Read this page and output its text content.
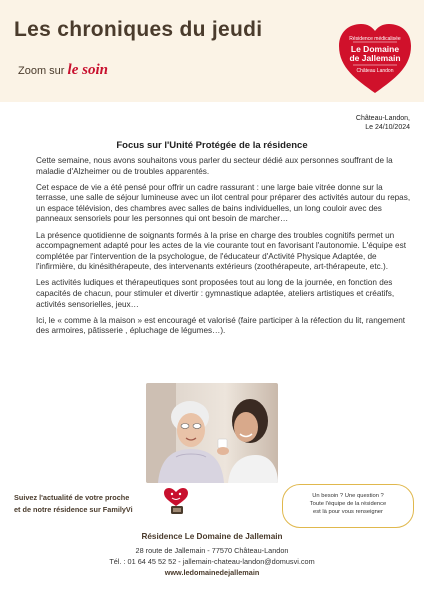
Les chroniques du jeudi
Zoom sur le soin
Résidence médicalisée
Le Domaine
de Jallemain
Château Landon
Château-Landon,
Le 24/10/2024
Focus sur l'Unité Protégée de la résidence

Cette semaine, nous avons souhaitons vous parler du secteur dédié aux personnes souffrant de la maladie d'Alzheimer ou de troubles apparentés.

Cet espace de vie a été pensé pour offrir un cadre rassurant : une large baie vitrée donne sur la terrasse, une salle de séjour lumineuse avec un ilot central pour préparer des activités autour du repas, un espace télévision, des chambres avec salles de bains individuelles, un long couloir avec des panneaux sensoriels pour les personnes qui ont besoin de marcher…

La présence quotidienne de soignants formés à la prise en charge des troubles cognitifs permet un accompagnement adapté pour les actes de la vie courante tout en favorisant l'autonomie. L'équipe est complétée par l'intervention de la psychologue, de l'éducateur d'Activité Physique Adaptée, de l'infirmière, du kinésithérapeute, des intervenants extérieurs (zoothérapeute, art-thérapeute, etc.).

Les activités ludiques et thérapeutiques sont proposées tout au long de la journée, en fonction des capacités de chacun, pour stimuler et divertir : gymnastique adaptée, ateliers artistiques et créatifs, activités sensorielles, jeux…

Ici, le « comme à la maison » est encouragé et valorisé (faire participer à la réfection du lit, rangement des armoires, pâtisserie , épluchage de légumes…).

Suivez l'actualité de votre proche
et de notre résidence sur FamilyVi
Un besoin ? Une question ?
Toute l'équipe de la résidence
est là pour vous renseigner
Résidence Le Domaine de Jallemain
28 route de Jallemain - 77570 Château-Landon
Tél. : 01 64 45 52 52 - jallemain-chateau-landon@domusvi.com
www.ledomainedejallemain
